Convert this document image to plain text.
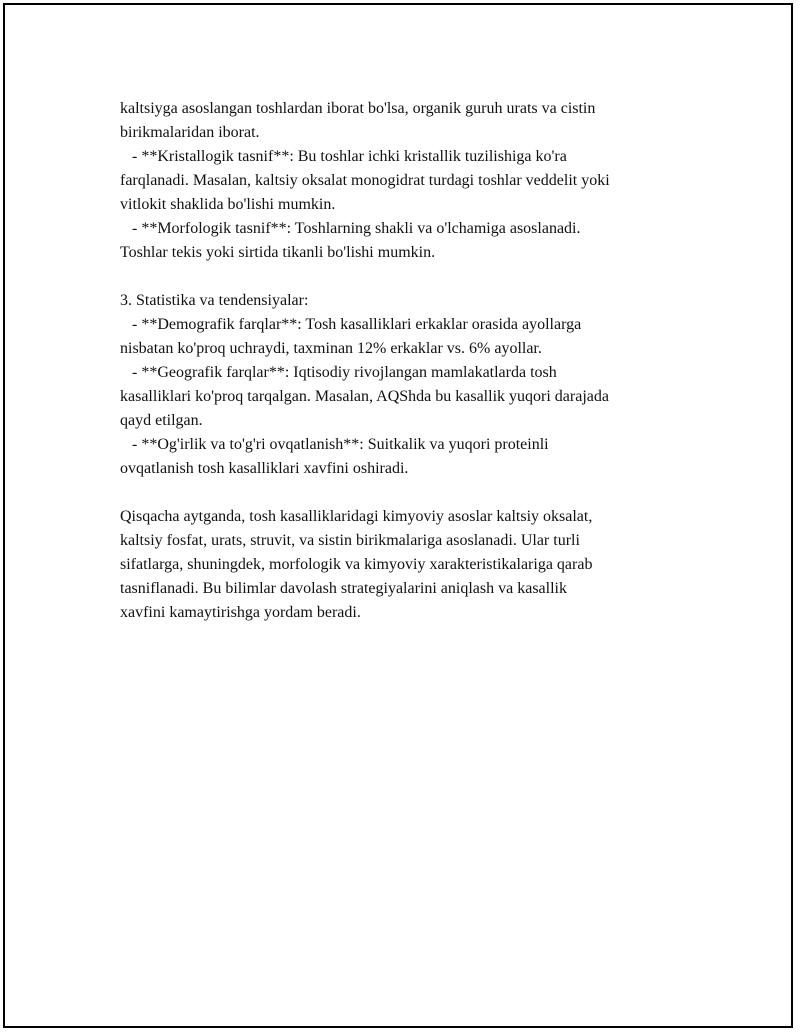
kaltsiyga asoslangan toshlardan iborat bo'lsa, organik guruh urats va cistin
birikmalaridan iborat.
- **Kristallogik tasnif**: Bu toshlar ichki kristallik tuzilishiga ko'ra
farqlanadi. Masalan, kaltsiy oksalat monogidrat turdagi toshlar veddelit yoki
vitlokit shaklida bo'lishi mumkin.
- **Morfologik tasnif**: Toshlarning shakli va o'lchamiga asoslanadi.
Toshlar tekis yoki sirtida tikanli bo'lishi mumkin.
3. Statistika va tendensiyalar:
- **Demografik farqlar**: Tosh kasalliklari erkaklar orasida ayollarga
nisbatan ko'proq uchraydi, taxminan 12% erkaklar vs. 6% ayollar.
- **Geografik farqlar**: Iqtisodiy rivojlangan mamlakatlarda tosh
kasalliklari ko'proq tarqalgan. Masalan, AQShda bu kasallik yuqori darajada
qayd etilgan.
- **Og'irlik va to'g'ri ovqatlanish**: Suitkalik va yuqori proteinli
ovqatlanish tosh kasalliklari xavfini oshiradi.
Qisqacha aytganda, tosh kasalliklaridagi kimyoviy asoslar kaltsiy oksalat,
kaltsiy fosfat, urats, struvit, va sistin birikmalariga asoslanadi. Ular turli
sifatlarga, shuningdek, morfologik va kimyoviy xarakteristikalariga qarab
tasniflanadi. Bu bilimlar davolash strategiyalarini aniqlash va kasallik
xavfini kamaytirishga yordam beradi.
